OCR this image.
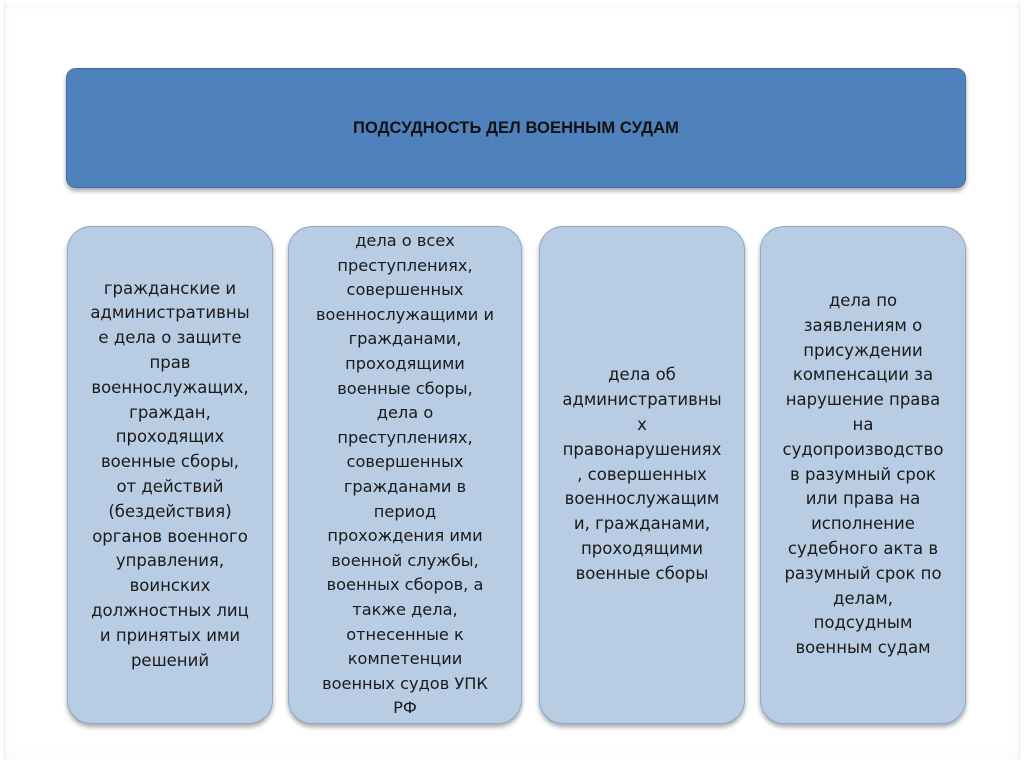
ПОДСУДНОСТЬ ДЕЛ ВОЕННЫМ СУДАМ
гражданские и
административны
е дела о защите
прав
военнослужащих,
граждан,
проходящих
военные сборы,
от действий
(бездействия)
органов военного
управления,
воинских
должностных лиц
и принятых ими
решений
дела о всех
преступлениях,
совершенных
военнослужащими и
гражданами,
проходящими
военные сборы,
дела о
преступлениях,
совершенных
гражданами в
период
прохождения ими
военной службы,
военных сборов, а
также дела,
отнесенные к
компетенции
военных судов УПК
РФ
дела об
административны
х
правонарушениях
, совершенных
военнослужащим
и, гражданами,
проходящими
военные сборы
дела по
заявлениям о
присуждении
компенсации за
нарушение права
на
судопроизводство
в разумный срок
или права на
исполнение
судебного акта в
разумный срок по
делам,
подсудным
военным судам
